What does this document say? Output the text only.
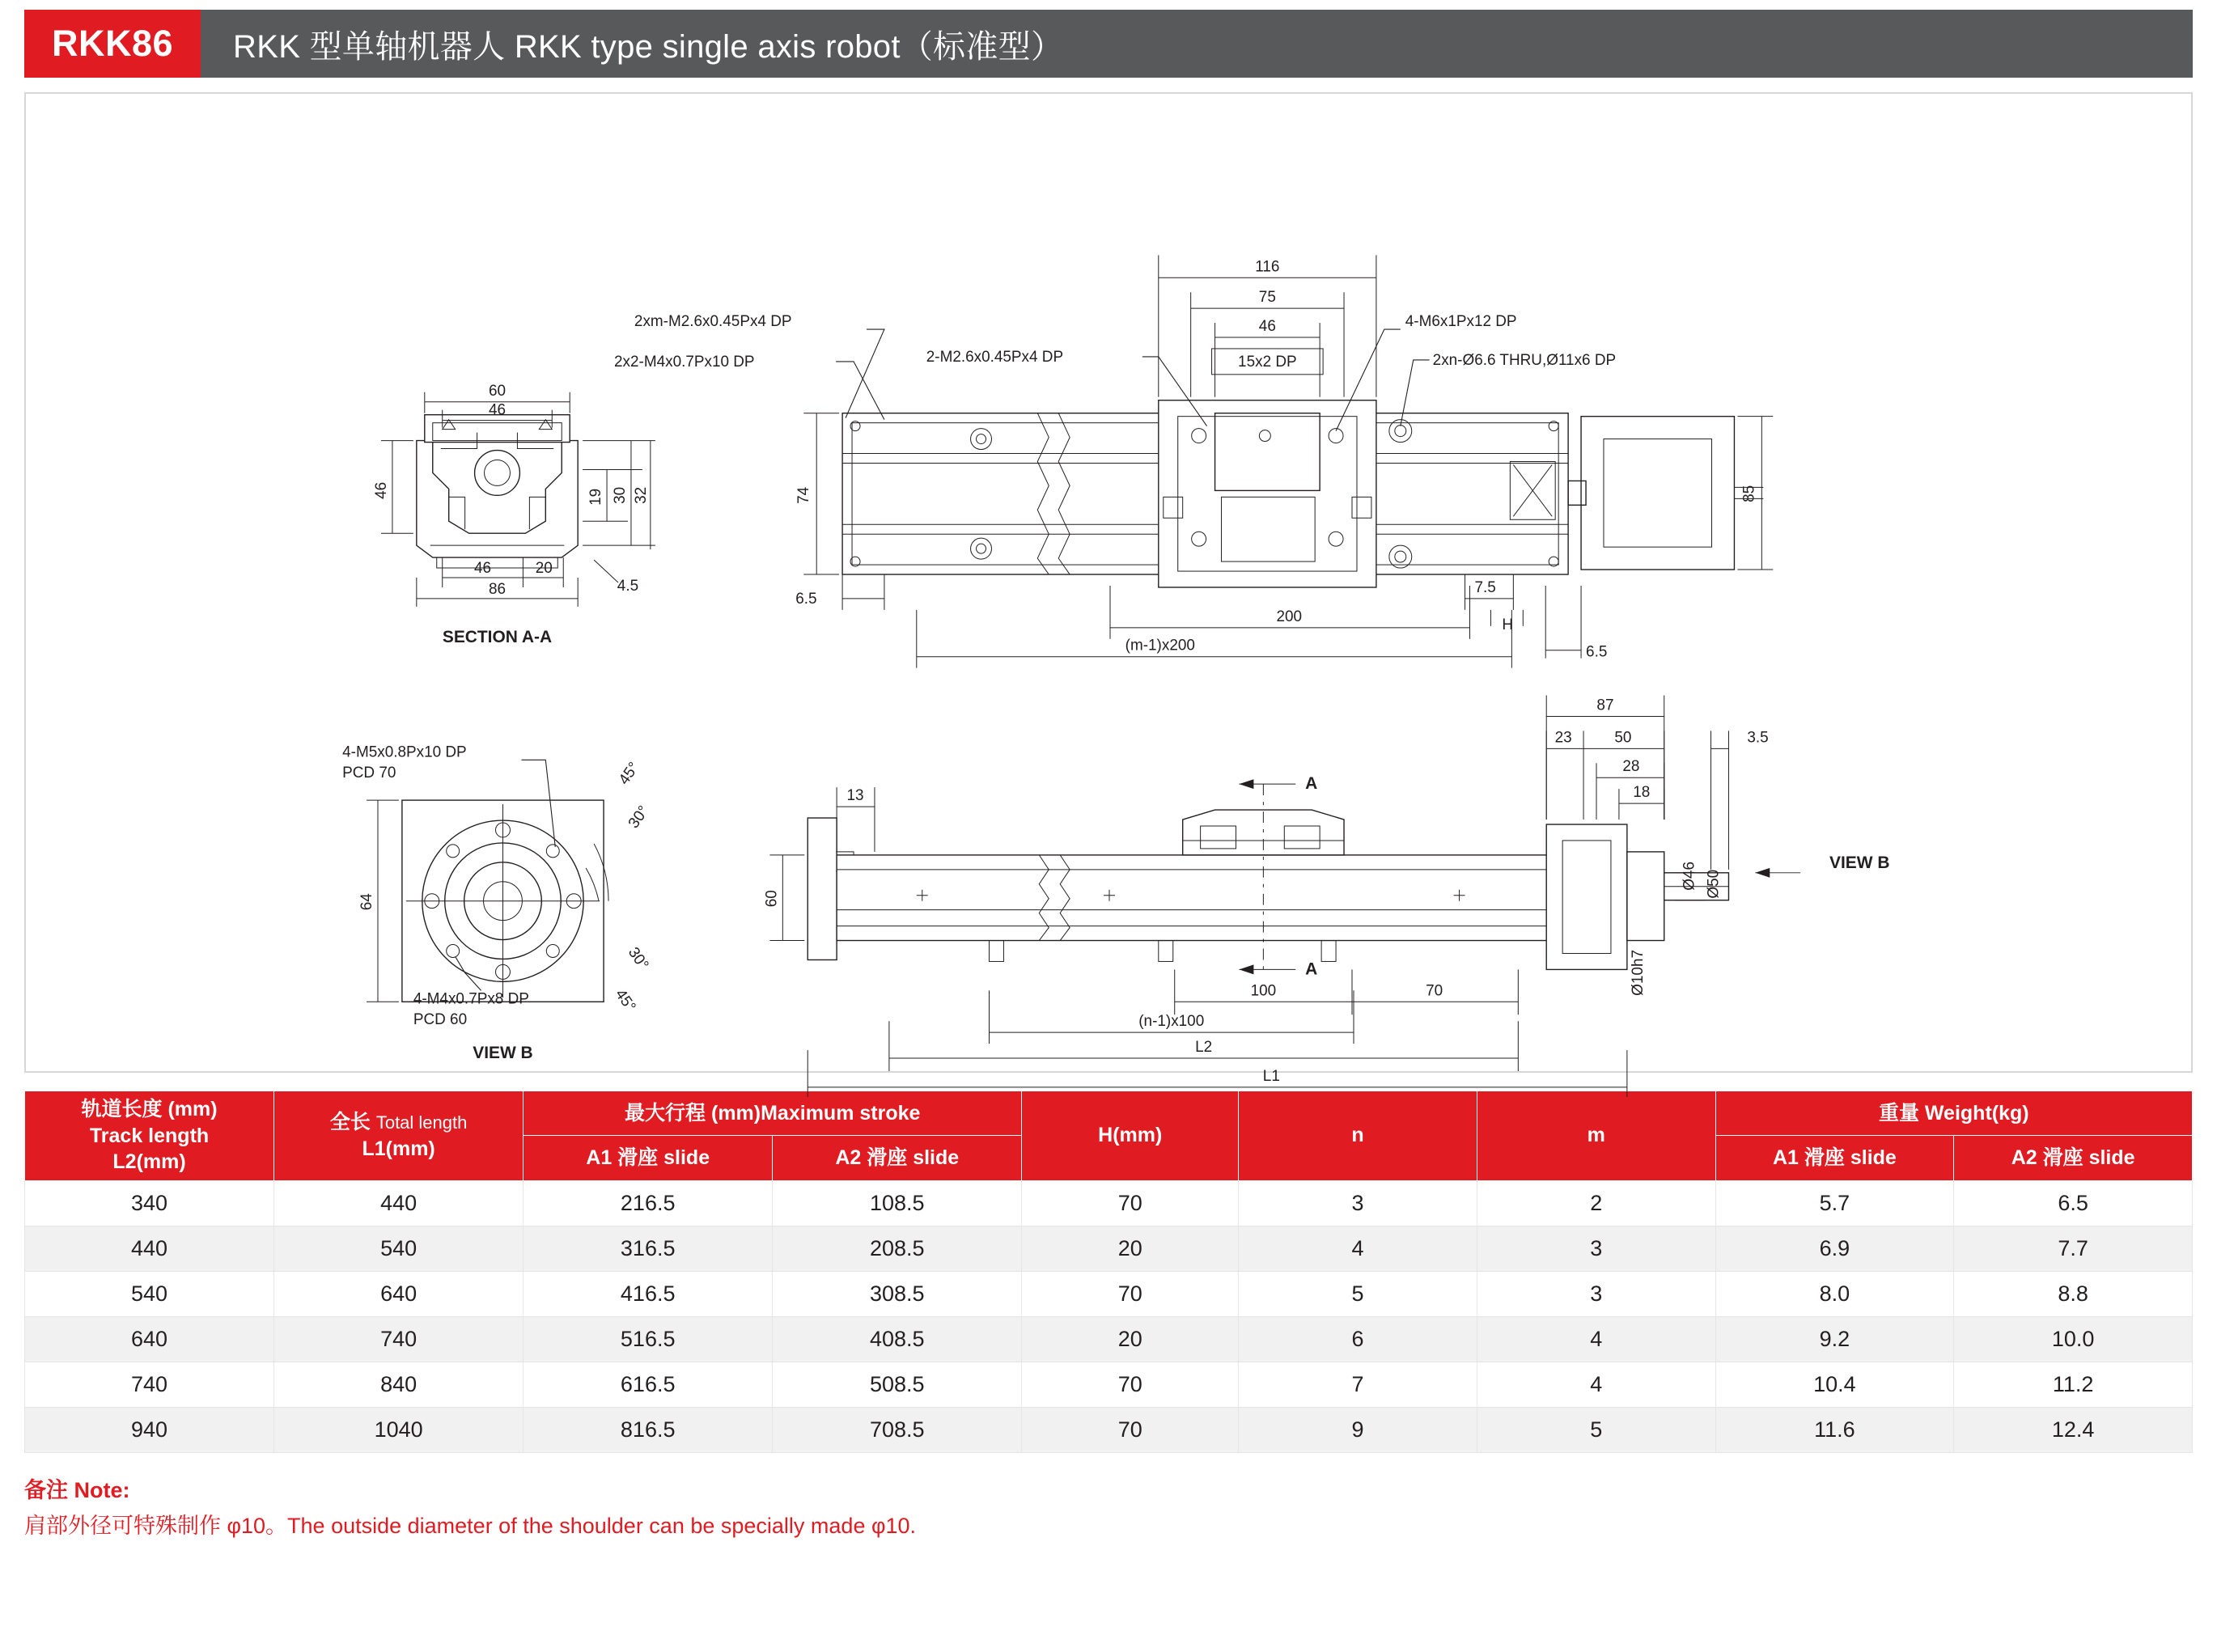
RKK86	RKK 型单轴机器人 RKK type single axis robot（标准型）
60
46
46	19 30 32
46	20
86	4.5
SECTION A-A
116
75
46
15x2 DP
2xm-M2.6x0.45Px4 DP
2x2-M4x0.7Px10 DP	2-M2.6x0.45Px4 DP
4-M6x1Px12 DP
2xn-Ø6.6 THRU,Ø11x6 DP
74	85
6.5
7.5
200
(m-1)x200
H
6.5
4-M5x0.8Px10 DP
PCD 70
4-M4x0.7Px8 DP
PCD 60
VIEW B
64
45°
30°
30°
45°
VIEW B
13
60
A
A
100	70
(n-1)x100
L2
L1
87
23	50
28
18
3.5
Ø46 Ø50
Ø10h7
轨道长度 (mm)
Track length
L2(mm)	全长 Total length
L1(mm)	最大行程 (mm)Maximum stroke		H(mm)	n	m	重量 Weight(kg)	
		A1 滑座 slide	A2 滑座 slide				A1 滑座 slide	A2 滑座 slide
340	440	216.5	108.5	70	3	2	5.7	6.5
440	540	316.5	208.5	20	4	3	6.9	7.7
540	640	416.5	308.5	70	5	3	8.0	8.8
640	740	516.5	408.5	20	6	4	9.2	10.0
740	840	616.5	508.5	70	7	4	10.4	11.2
940	1040	816.5	708.5	70	9	5	11.6	12.4
备注 Note:
肩部外径可特殊制作 φ10。The outside diameter of the shoulder can be specially made φ10.
